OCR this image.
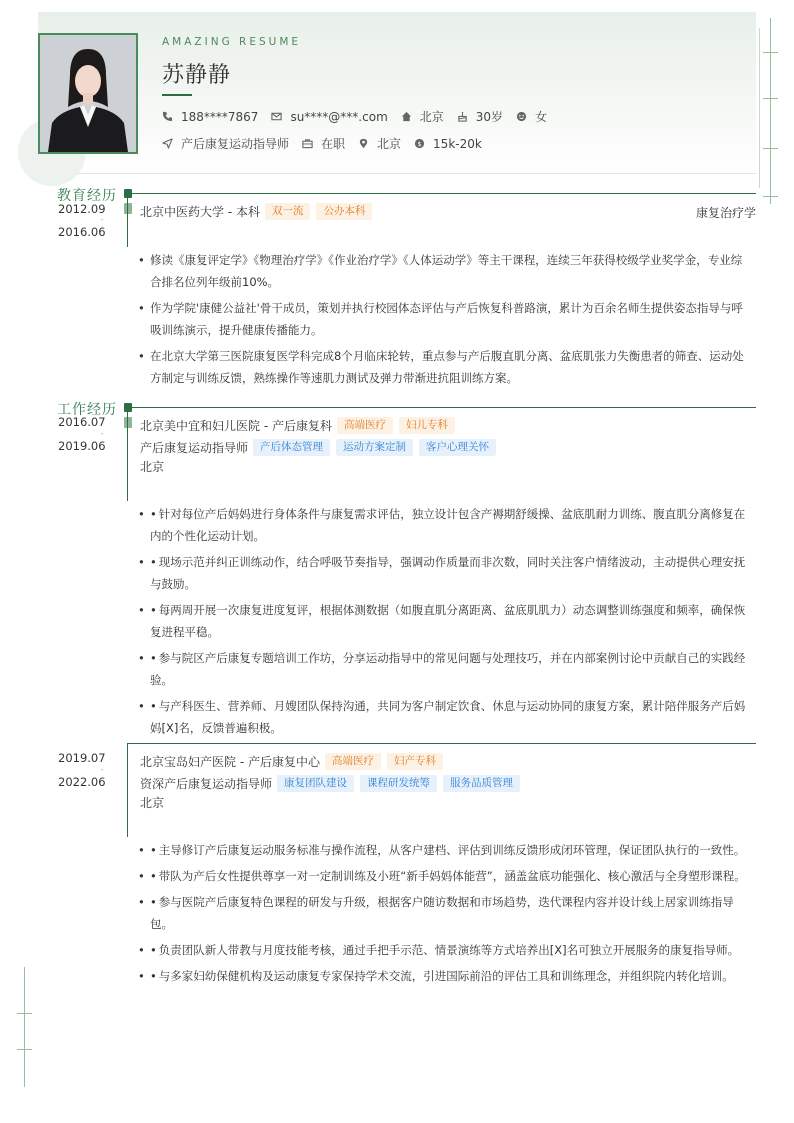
AMAZING RESUME
苏静静
188****7867	su****@***.com	北京	30岁	女
产后康复运动指导师	在职	北京 $ 15k-20k
教育经历
2012.09
-
2016.06
北京中医药大学 - 本科	双一流	公办本科	康复治疗学
• 修读《康复评定学》《物理治疗学》《作业治疗学》《人体运动学》等主干课程，连续三年获得校级学业奖学金，专业综合排名位列年级前10%。
• 作为学院'康健公益社'骨干成员，策划并执行校园体态评估与产后恢复科普路演，累计为百余名师生提供姿态指导与呼吸训练演示，提升健康传播能力。
• 在北京大学第三医院康复医学科完成8个月临床轮转，重点参与产后腹直肌分离、盆底肌张力失衡患者的筛查、运动处方制定与训练反馈，熟练操作等速肌力测试及弹力带渐进抗阻训练方案。
工作经历
2016.07
-
2019.06
北京美中宜和妇儿医院 - 产后康复科	高端医疗	妇儿专科
产后康复运动指导师	产后体态管理	运动方案定制	客户心理关怀
北京
• • 针对每位产后妈妈进行身体条件与康复需求评估，独立设计包含产褥期舒缓操、盆底肌耐力训练、腹直肌分离修复在内的个性化运动计划。
• • 现场示范并纠正训练动作，结合呼吸节奏指导，强调动作质量而非次数，同时关注客户情绪波动，主动提供心理安抚与鼓励。
• • 每两周开展一次康复进度复评，根据体测数据（如腹直肌分离距离、盆底肌肌力）动态调整训练强度和频率，确保恢复进程平稳。
• • 参与院区产后康复专题培训工作坊，分享运动指导中的常见问题与处理技巧，并在内部案例讨论中贡献自己的实践经验。
• • 与产科医生、营养师、月嫂团队保持沟通，共同为客户制定饮食、休息与运动协同的康复方案，累计陪伴服务产后妈妈[X]名，反馈普遍积极。
2019.07
-
2022.06
北京宝岛妇产医院 - 产后康复中心	高端医疗	妇产专科
资深产后康复运动指导师	康复团队建设	课程研发统筹	服务品质管理
北京
• • 主导修订产后康复运动服务标准与操作流程，从客户建档、评估到训练反馈形成闭环管理，保证团队执行的一致性。
• • 带队为产后女性提供尊享一对一定制训练及小班“新手妈妈体能营”，涵盖盆底功能强化、核心激活与全身塑形课程。
• • 参与医院产后康复特色课程的研发与升级，根据客户随访数据和市场趋势，迭代课程内容并设计线上居家训练指导包。
• • 负责团队新人带教与月度技能考核，通过手把手示范、情景演练等方式培养出[X]名可独立开展服务的康复指导师。
• • 与多家妇幼保健机构及运动康复专家保持学术交流，引进国际前沿的评估工具和训练理念，并组织院内转化培训。
